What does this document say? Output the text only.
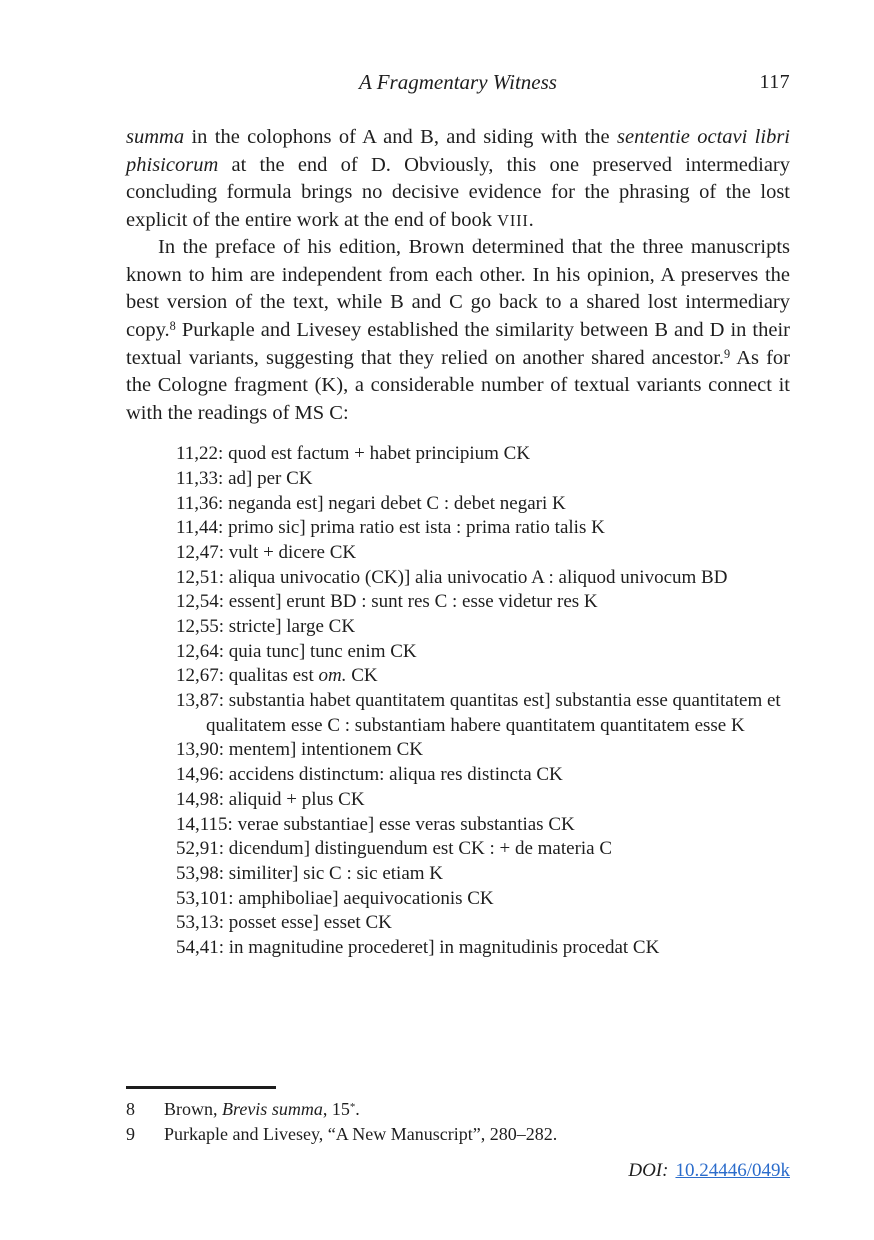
A Fragmentary Witness	117

summa in the colophons of A and B, and siding with the sententie octavi libri phisicorum at the end of D. Obviously, this one preserved intermediary concluding formula brings no decisive evidence for the phrasing of the lost explicit of the entire work at the end of book VIII.

In the preface of his edition, Brown determined that the three manuscripts known to him are independent from each other. In his opinion, A preserves the best version of the text, while B and C go back to a shared lost intermediary copy.$^8$ Purkaple and Livesey established the similarity between B and D in their textual variants, suggesting that they relied on another shared ancestor.$^9$ As for the Cologne fragment (K), a considerable number of textual variants connect it with the readings of MS C:

11,22: quod est factum + habet principium CK
11,33: ad] per CK
11,36: neganda est] negari debet C : debet negari K
11,44: primo sic] prima ratio est ista : prima ratio talis K
12,47: vult + dicere CK
12,51: aliqua univocatio (CK)] alia univocatio A : aliquod univocum BD
12,54: essent] erunt BD : sunt res C : esse videtur res K
12,55: stricte] large CK
12,64: quia tunc] tunc enim CK
12,67: qualitas est om. CK
13,87: substantia habet quantitatem quantitas est] substantia esse quantitatem et qualitatem esse C : substantiam habere quantitatem quantitatem esse K
13,90: mentem] intentionem CK
14,96: accidens distinctum: aliqua res distincta CK
14,98: aliquid + plus CK
14,115: verae substantiae] esse veras substantias CK
52,91: dicendum] distinguendum est CK : + de materia C
53,98: similiter] sic C : sic etiam K
53,101: amphiboliae] aequivocationis CK
53,13: posset esse] esset CK
54,41: in magnitudine procederet] in magnitudinis procedat CK
8	Brown, Brevis summa, 15*.
9	Purkaple and Livesey, “A New Manuscript”, 280–282.
DOI: 10.24446/049k
